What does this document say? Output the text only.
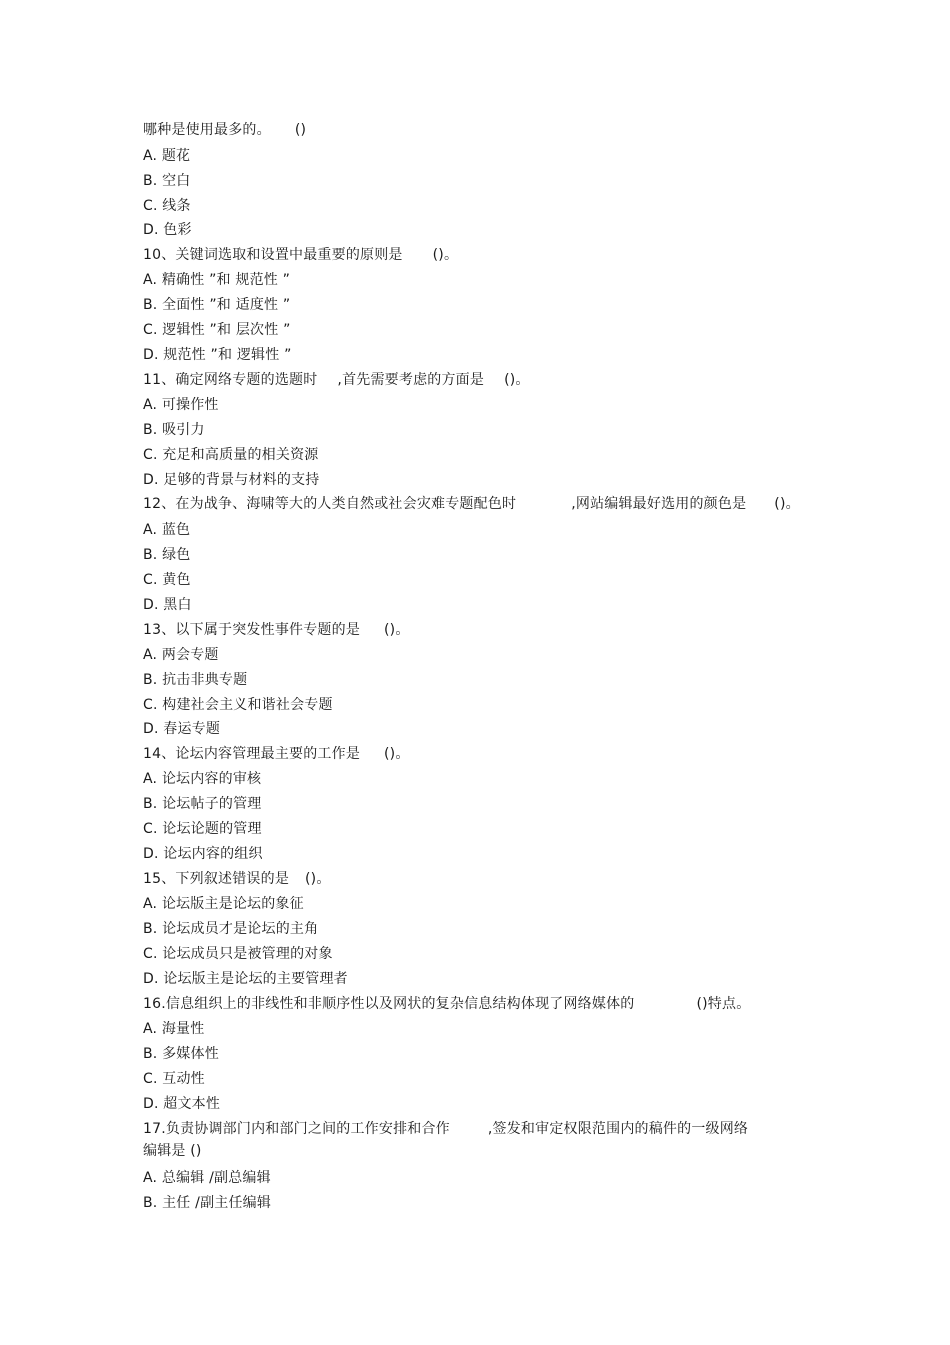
哪种是使用最多的。 ()
A. 题花
B. 空白
C. 线条
D. 色彩
10、关键词选取和设置中最重要的原则是 ()。
A. 精确性 ”和 规范性 ”
B. 全面性 ”和 适度性 ”
C. 逻辑性 ”和 层次性 ”
D. 规范性 ”和 逻辑性 ”
11、确定网络专题的选题时 ,首先需要考虑的方面是 ()。
A. 可操作性
B. 吸引力
C. 充足和高质量的相关资源
D. 足够的背景与材料的支持
12、在为战争、海啸等大的人类自然或社会灾难专题配色时	,网站编辑最好选用的颜色是 ()。
A. 蓝色
B. 绿色
C. 黄色
D. 黑白
13、以下属于突发性事件专题的是 ()。
A. 两会专题
B. 抗击非典专题
C. 构建社会主义和谐社会专题
D. 春运专题
14、论坛内容管理最主要的工作是 ()。
A. 论坛内容的审核
B. 论坛帖子的管理
C. 论坛论题的管理
D. 论坛内容的组织
15、下列叙述错误的是 ()。
A. 论坛版主是论坛的象征
B. 论坛成员才是论坛的主角
C. 论坛成员只是被管理的对象
D. 论坛版主是论坛的主要管理者
16.信息组织上的非线性和非顺序性以及网状的复杂信息结构体现了网络媒体的	()特点。
A. 海量性
B. 多媒体性
C. 互动性
D. 超文本性
17.负责协调部门内和部门之间的工作安排和合作	,签发和审定权限范围内的稿件的一级网络
编辑是 ()
A. 总编辑 /副总编辑
B. 主任 /副主任编辑
